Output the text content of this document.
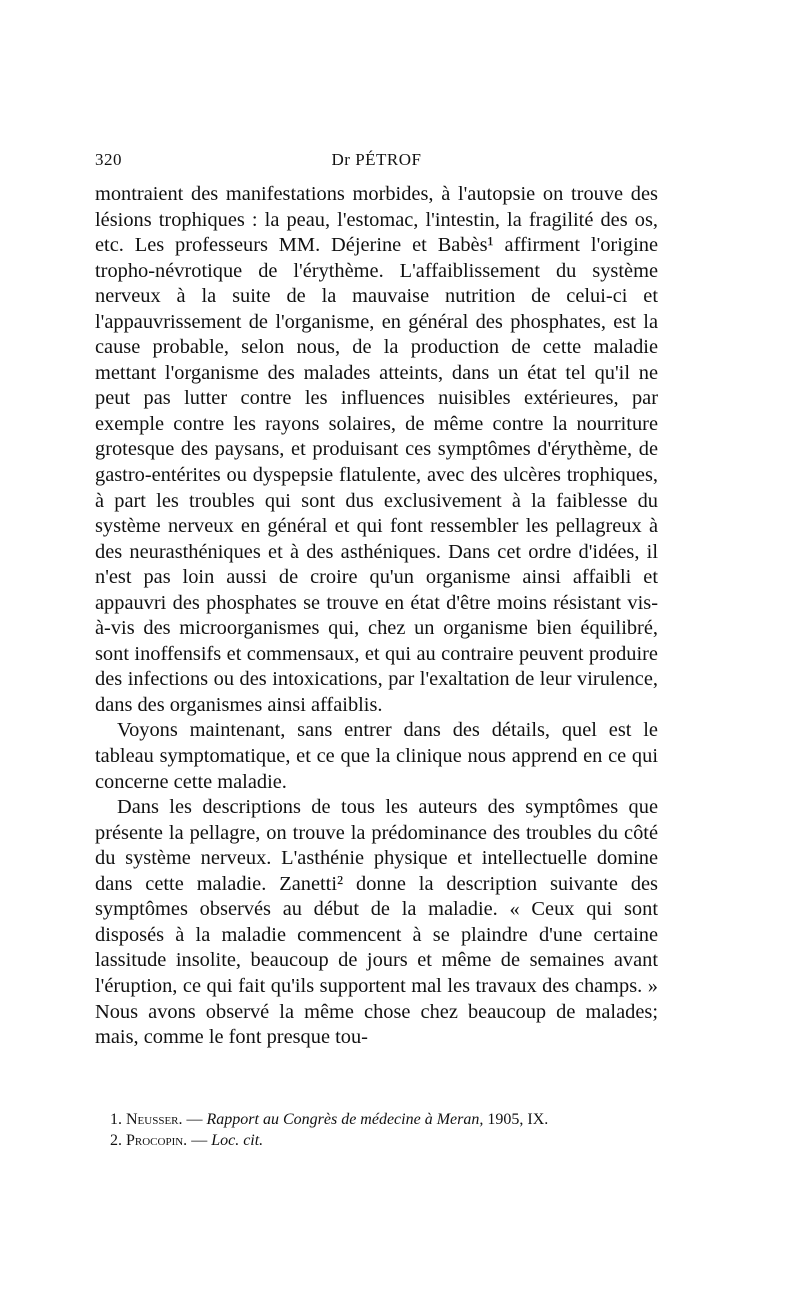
320	Dr PÉTROF

montraient des manifestations morbides, à l'autopsie on trouve des lésions trophiques : la peau, l'estomac, l'intestin, la fragilité des os, etc. Les professeurs MM. Déjerine et Babès¹ affirment l'origine tropho-névrotique de l'érythème. L'affaiblissement du système nerveux à la suite de la mauvaise nutrition de celui-ci et l'appauvrissement de l'organisme, en général des phosphates, est la cause probable, selon nous, de la production de cette maladie mettant l'organisme des malades atteints, dans un état tel qu'il ne peut pas lutter contre les influences nuisibles extérieures, par exemple contre les rayons solaires, de même contre la nourriture grotesque des paysans, et produisant ces symptômes d'érythème, de gastro-entérites ou dyspepsie flatulente, avec des ulcères trophiques, à part les troubles qui sont dus exclusivement à la faiblesse du système nerveux en général et qui font ressembler les pellagreux à des neurasthéniques et à des asthéniques. Dans cet ordre d'idées, il n'est pas loin aussi de croire qu'un organisme ainsi affaibli et appauvri des phosphates se trouve en état d'être moins résistant vis-à-vis des microorganismes qui, chez un organisme bien équilibré, sont inoffensifs et commensaux, et qui au contraire peuvent produire des infections ou des intoxications, par l'exaltation de leur virulence, dans des organismes ainsi affaiblis.

Voyons maintenant, sans entrer dans des détails, quel est le tableau symptomatique, et ce que la clinique nous apprend en ce qui concerne cette maladie.

Dans les descriptions de tous les auteurs des symptômes que présente la pellagre, on trouve la prédominance des troubles du côté du système nerveux. L'asthénie physique et intellectuelle domine dans cette maladie. Zanetti² donne la description suivante des symptômes observés au début de la maladie. « Ceux qui sont disposés à la maladie commencent à se plaindre d'une certaine lassitude insolite, beaucoup de jours et même de semaines avant l'éruption, ce qui fait qu'ils supportent mal les travaux des champs. » Nous avons observé la même chose chez beaucoup de malades; mais, comme le font presque tou-

1. Neusser. — Rapport au Congrès de médecine à Meran, 1905, IX.
2. Procopin. — Loc. cit.
